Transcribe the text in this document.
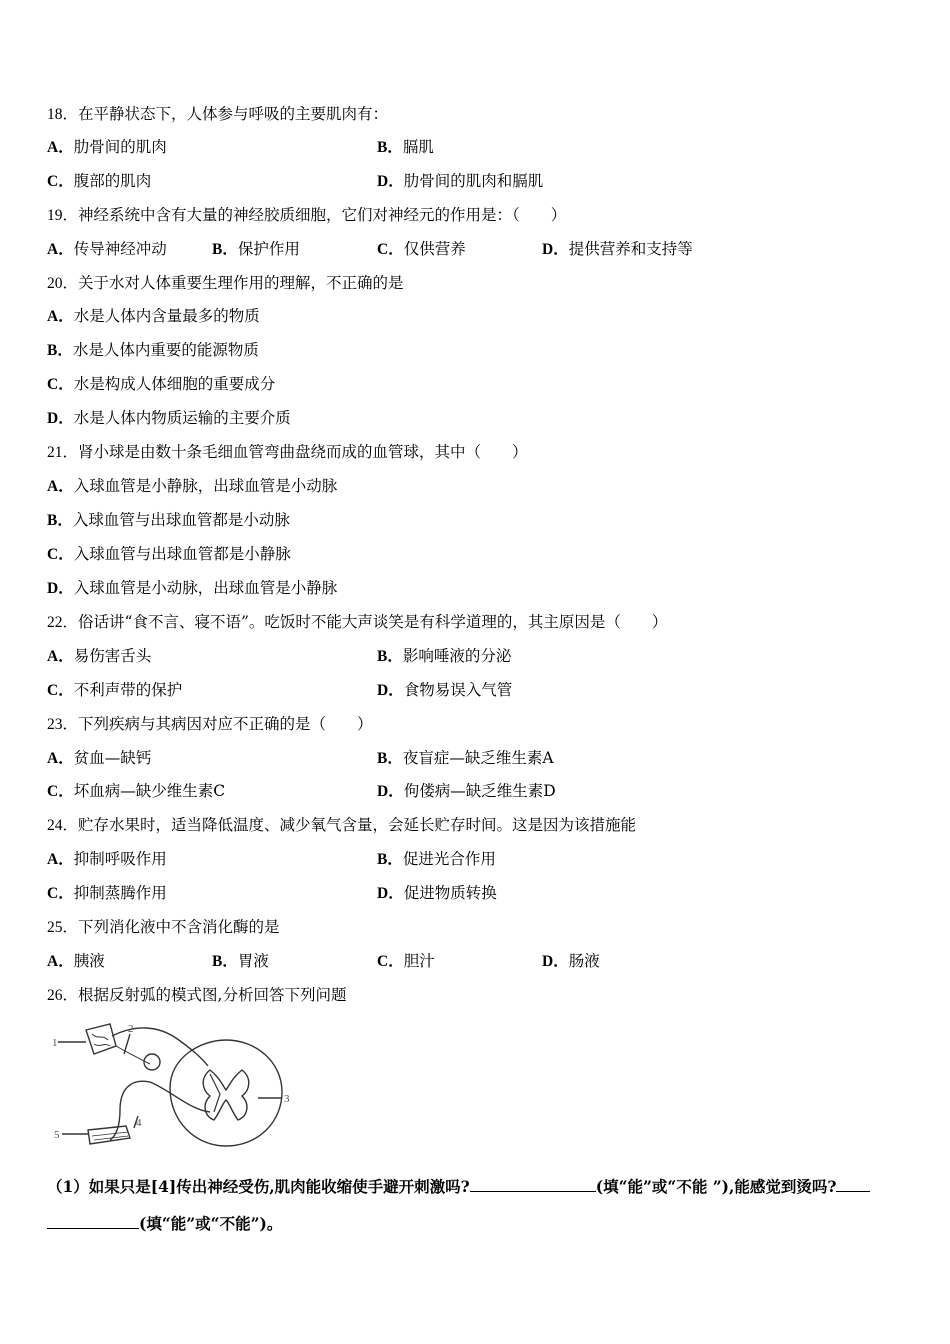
18．在平静状态下，人体参与呼吸的主要肌肉有：
A．肋骨间的肌肉	B．膈肌
C．腹部的肌肉	D．肋骨间的肌肉和膈肌
19．神经系统中含有大量的神经胶质细胞，它们对神经元的作用是：（　　）
A．传导神经冲动	B．保护作用	C．仅供营养	D．提供营养和支持等
20．关于水对人体重要生理作用的理解，不正确的是
A．水是人体内含量最多的物质
B．水是人体内重要的能源物质
C．水是构成人体细胞的重要成分
D．水是人体内物质运输的主要介质
21．肾小球是由数十条毛细血管弯曲盘绕而成的血管球，其中（　　）
A．入球血管是小静脉，出球血管是小动脉
B．入球血管与出球血管都是小动脉
C．入球血管与出球血管都是小静脉
D．入球血管是小动脉，出球血管是小静脉
22．俗话讲“食不言、寝不语”。吃饭时不能大声谈笑是有科学道理的，其主原因是（　　）
A．易伤害舌头	B．影响唾液的分泌
C．不利声带的保护	D．食物易误入气管
23．下列疾病与其病因对应不正确的是（　　）
A．贫血—缺钙	B．夜盲症—缺乏维生素A
C．坏血病—缺少维生素C	D．佝偻病—缺乏维生素D
24．贮存水果时，适当降低温度、减少氧气含量，会延长贮存时间。这是因为该措施能
A．抑制呼吸作用	B．促进光合作用
C．抑制蒸腾作用	D．促进物质转换
25．下列消化液中不含消化酶的是
A．胰液	B．胃液	C．胆汁	D．肠液
26．根据反射弧的模式图,分析回答下列问题
1
2
3
4
5
（1）如果只是[4]传出神经受伤,肌肉能收缩使手避开刺激吗?	(填“能”或“不能 ”),能感觉到烫吗?
(填“能”或“不能”)。
